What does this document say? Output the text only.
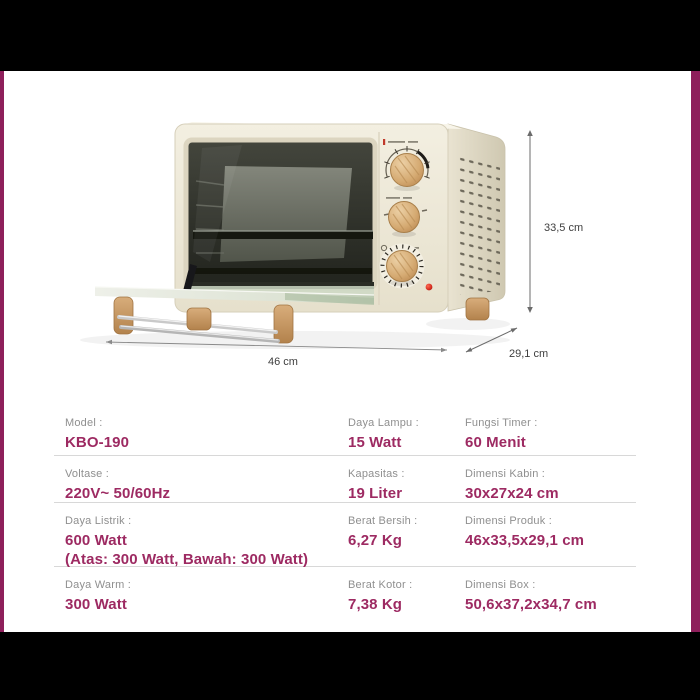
33,5 cm
46 cm
29,1 cm
Model :
KBO-190
Daya Lampu :
15 Watt
Fungsi Timer :
60 Menit
Voltase :
220V~ 50/60Hz
Kapasitas :
19 Liter
Dimensi Kabin :
30x27x24 cm
Daya Listrik :
600 Watt
(Atas: 300 Watt, Bawah: 300 Watt)
Berat Bersih :
6,27 Kg
Dimensi Produk :
46x33,5x29,1 cm
Daya Warm :
300 Watt
Berat Kotor :
7,38 Kg
Dimensi Box :
50,6x37,2x34,7 cm
